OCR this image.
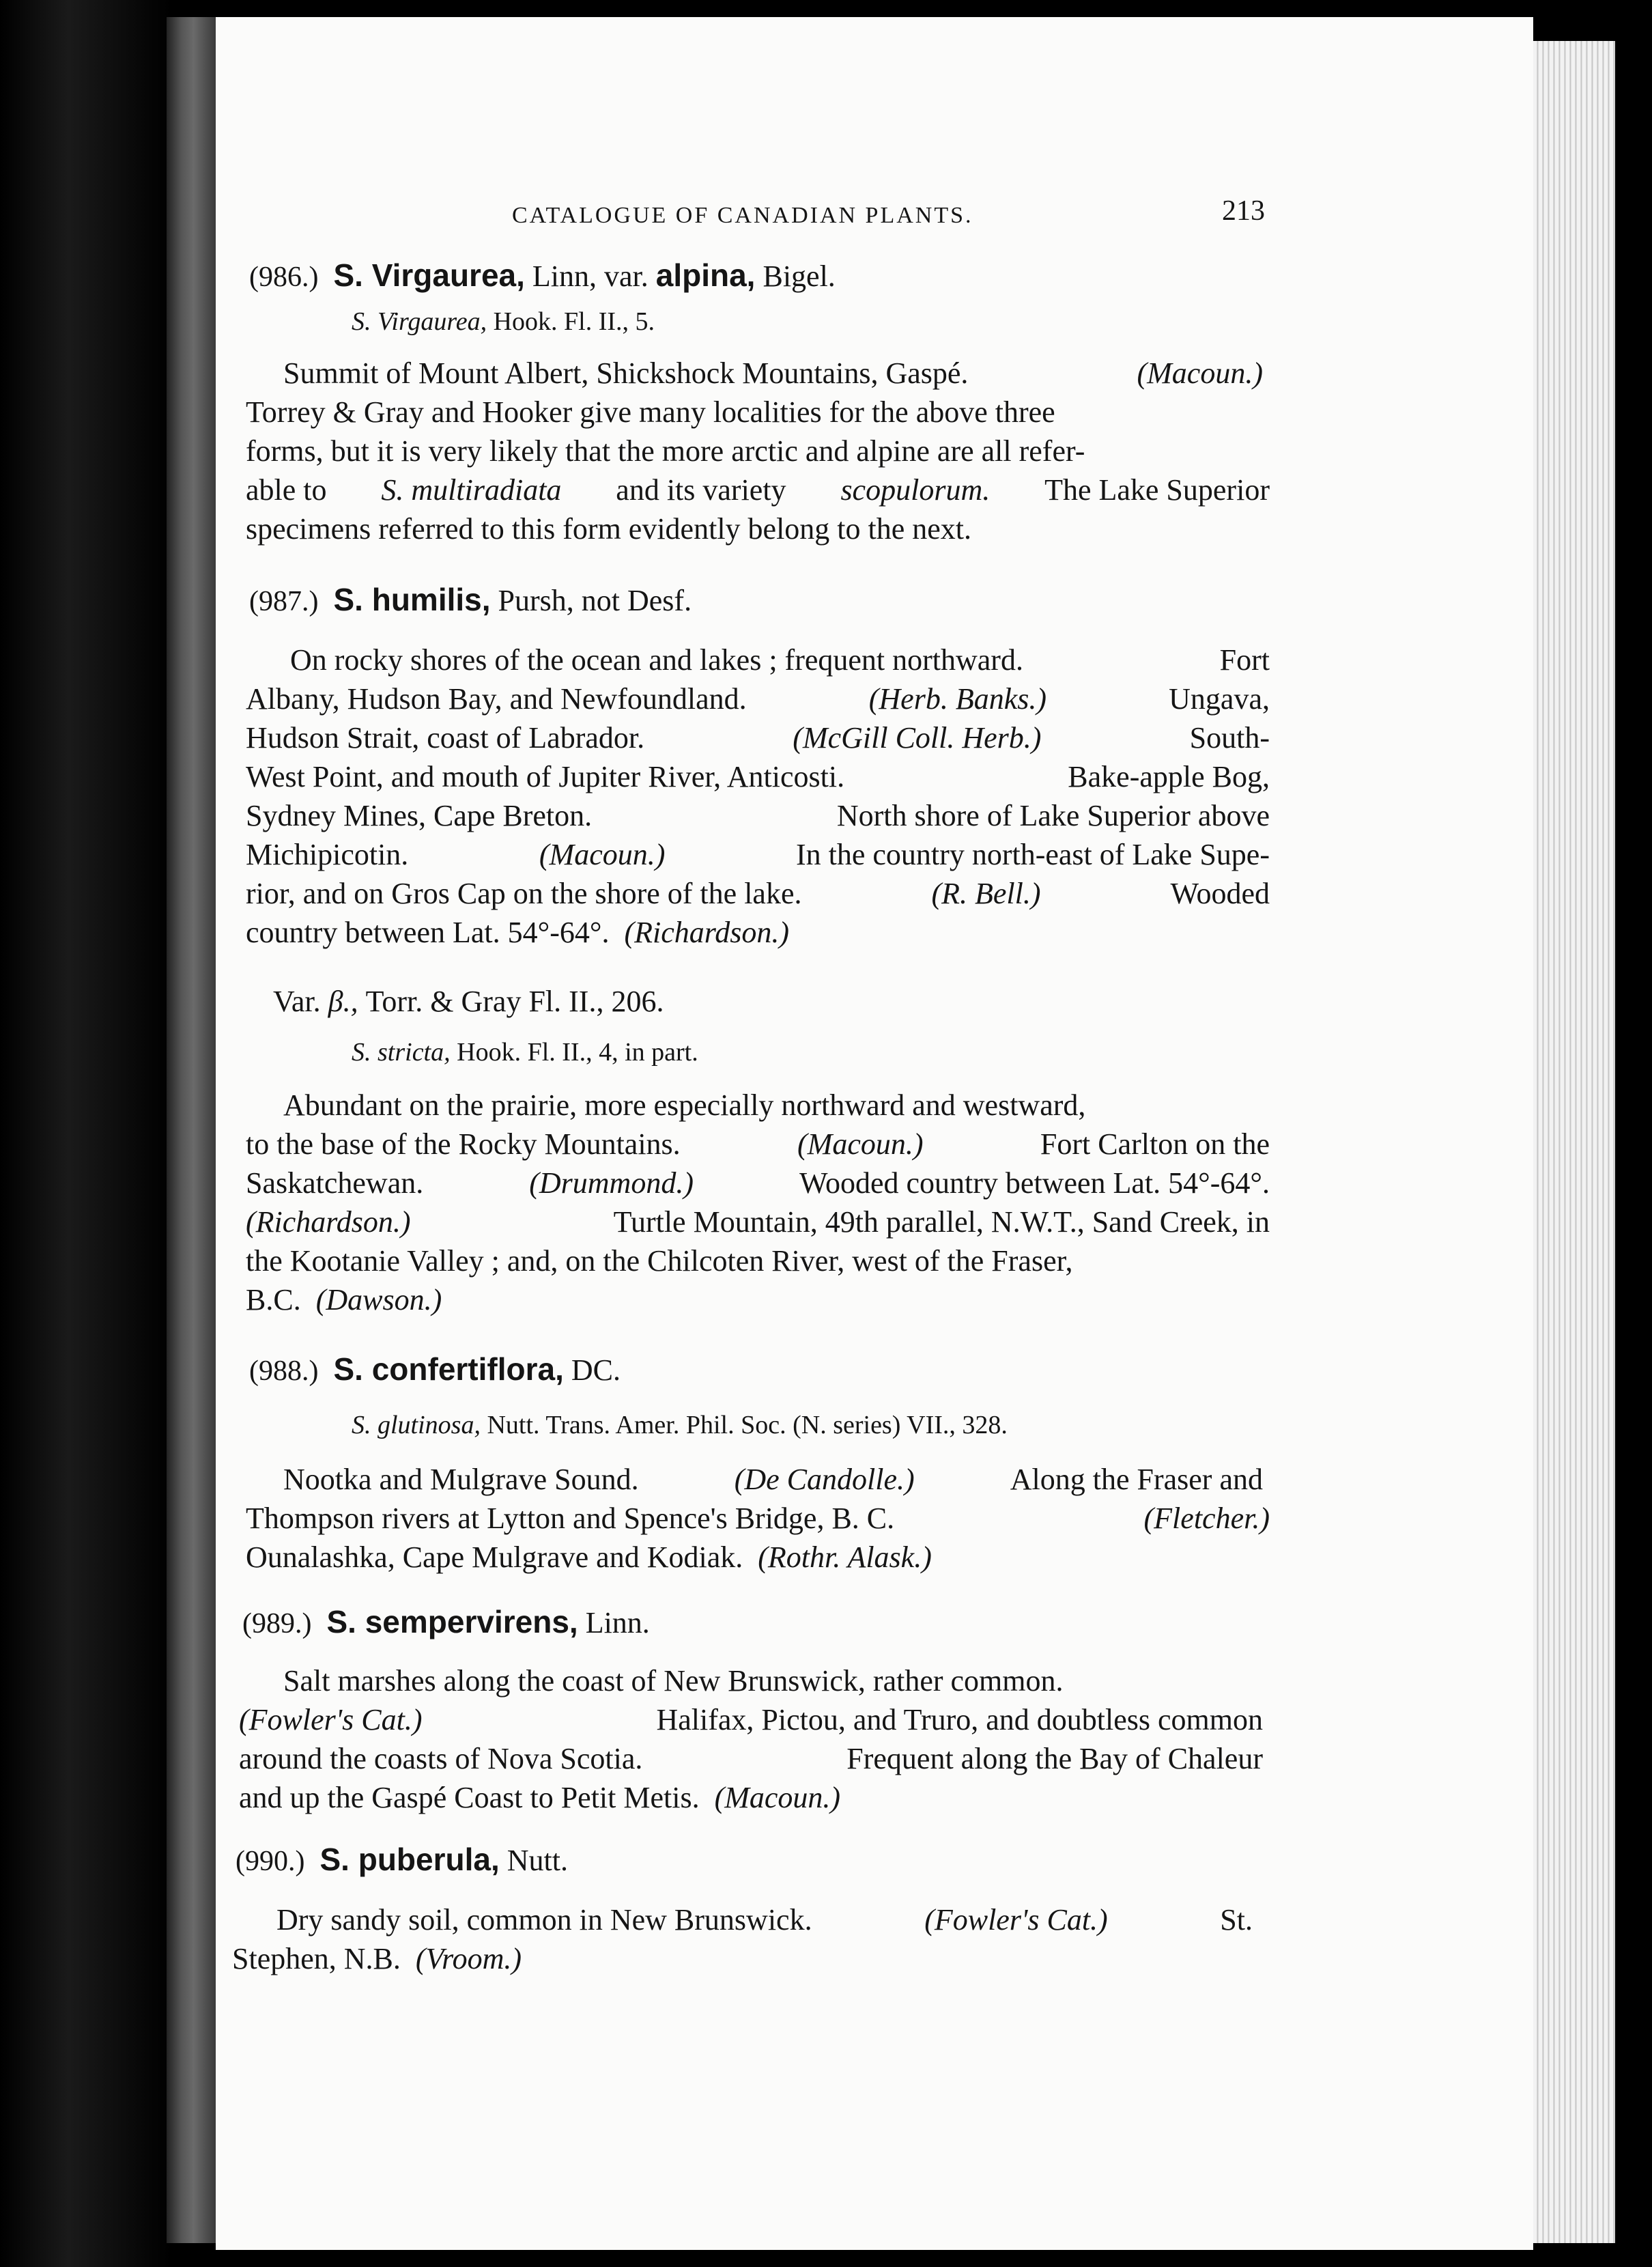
CATALOGUE OF CANADIAN PLANTS.	213
(986.) S. Virgaurea, Linn, var. alpina, Bigel.
S. Virgaurea, Hook. Fl. II., 5.
Summit of Mount Albert, Shickshock Mountains, Gaspé.	(Macoun.)
Torrey & Gray and Hooker give many localities for the above three
forms, but it is very likely that the more arctic and alpine are all refer-
able to S. multiradiata and its variety scopulorum. The Lake Superior
specimens referred to this form evidently belong to the next.
(987.) S. humilis, Pursh, not Desf.
On rocky shores of the ocean and lakes ; frequent northward.	Fort
Albany, Hudson Bay, and Newfoundland.	(Herb. Banks.)	Ungava,
Hudson Strait, coast of Labrador.	(McGill Coll. Herb.)	South-
West Point, and mouth of Jupiter River, Anticosti.	Bake-apple Bog,
Sydney Mines, Cape Breton.	North shore of Lake Superior above
Michipicotin.	(Macoun.)	In the country north-east of Lake Supe-
rior, and on Gros Cap on the shore of the lake.	(R. Bell.)	Wooded
country between Lat. 54°-64°. (Richardson.)
Var. β., Torr. & Gray Fl. II., 206.
S. stricta, Hook. Fl. II., 4, in part.
Abundant on the prairie, more especially northward and westward,
to the base of the Rocky Mountains.	(Macoun.)	Fort Carlton on the
Saskatchewan.	(Drummond.)	Wooded country between Lat. 54°-64°.
(Richardson.)	Turtle Mountain, 49th parallel, N.W.T., Sand Creek, in
the Kootanie Valley ; and, on the Chilcoten River, west of the Fraser,
B.C. (Dawson.)
(988.) S. confertiflora, DC.
S. glutinosa, Nutt. Trans. Amer. Phil. Soc. (N. series) VII., 328.
Nootka and Mulgrave Sound.	(De Candolle.)	Along the Fraser and
Thompson rivers at Lytton and Spence's Bridge, B. C.	(Fletcher.)
Ounalashka, Cape Mulgrave and Kodiak. (Rothr. Alask.)
(989.) S. sempervirens, Linn.
Salt marshes along the coast of New Brunswick, rather common.
(Fowler's Cat.)	Halifax, Pictou, and Truro, and doubtless common
around the coasts of Nova Scotia.	Frequent along the Bay of Chaleur
and up the Gaspé Coast to Petit Metis. (Macoun.)
(990.) S. puberula, Nutt.
Dry sandy soil, common in New Brunswick.	(Fowler's Cat.)	St.
Stephen, N.B. (Vroom.)
